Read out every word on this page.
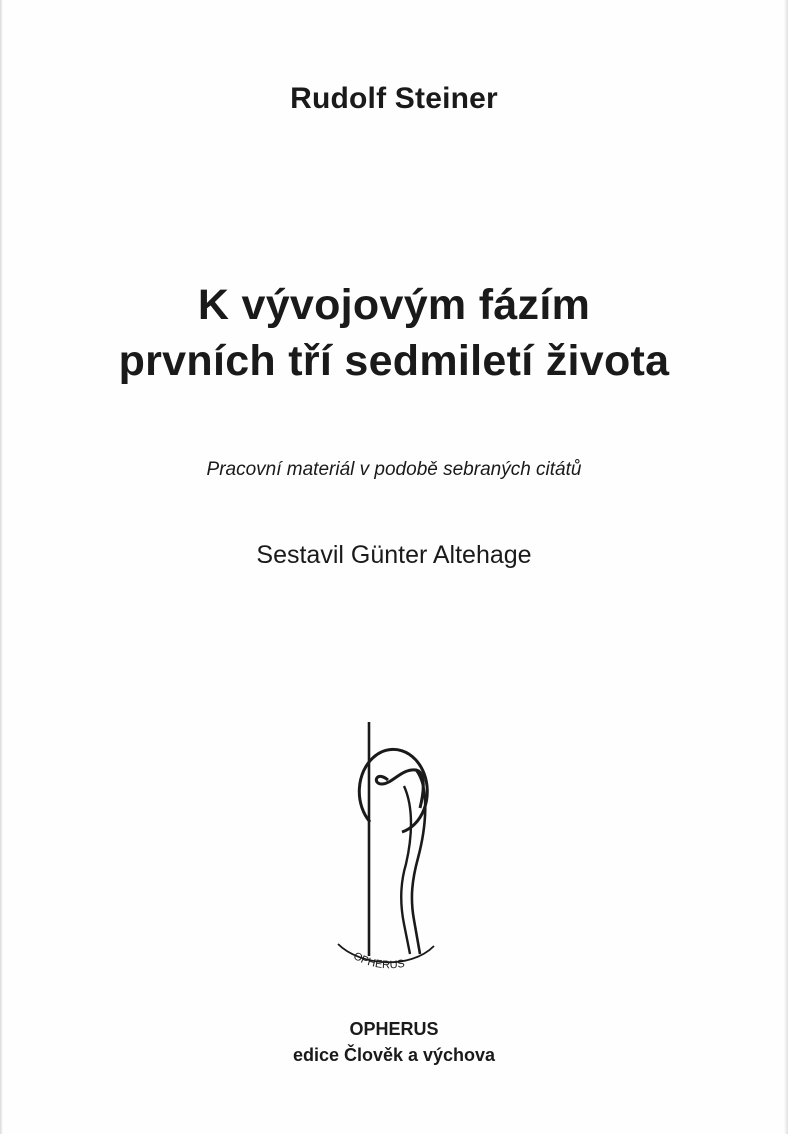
Rudolf Steiner
K vývojovým fázím
prvních tří sedmiletí života
Pracovní materiál v podobě sebraných citátů
Sestavil Günter Altehage
OPHERUS
OPHERUS
edice Člověk a výchova
